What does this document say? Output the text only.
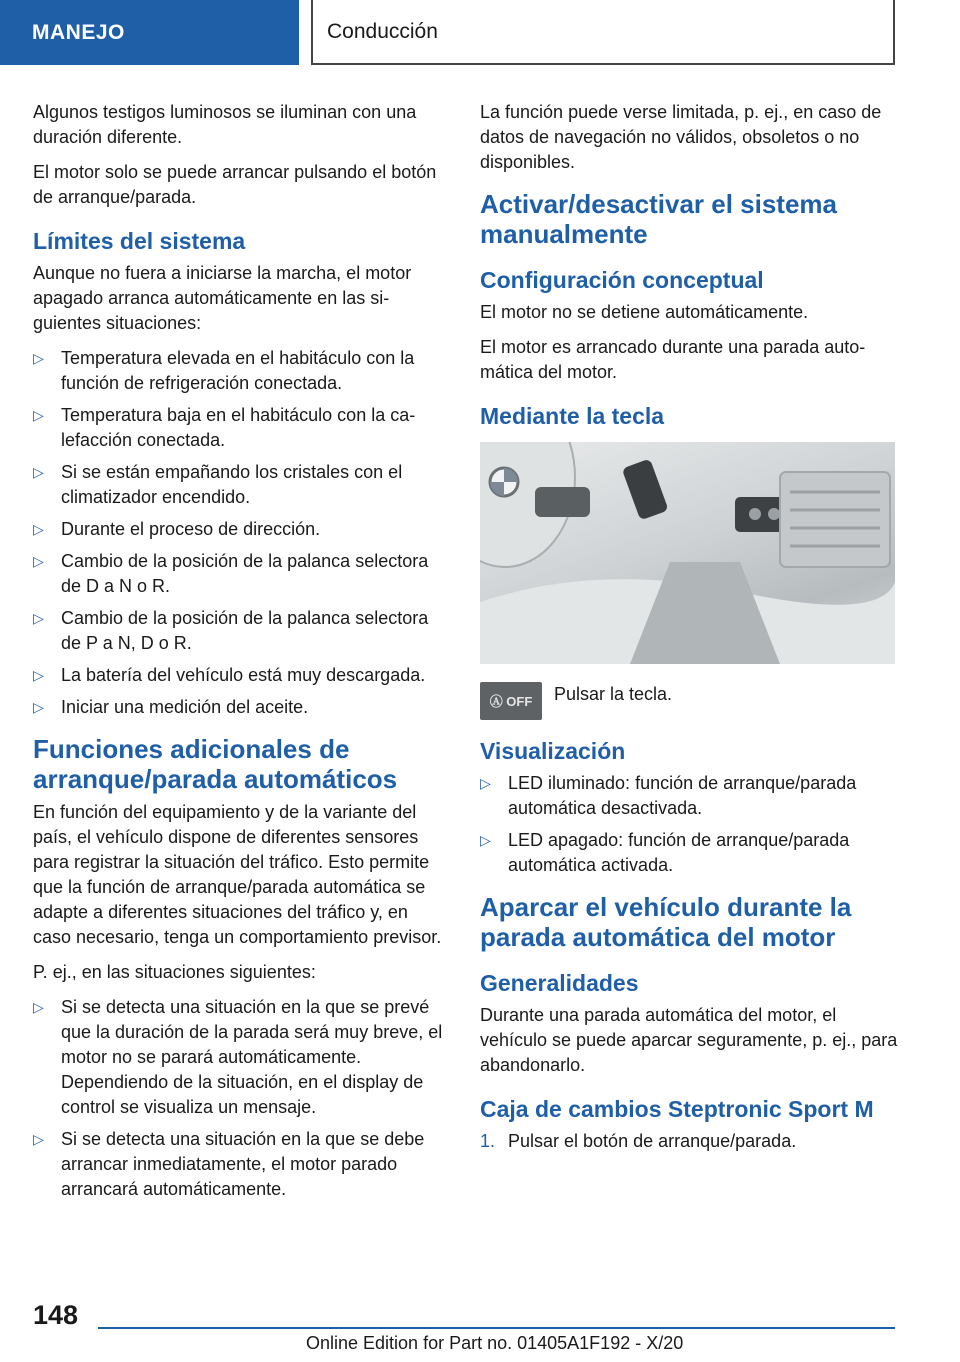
MANEJO	Conducción

Algunos testigos luminosos se iluminan con una duración diferente.

El motor solo se puede arrancar pulsando el botón de arranque/parada.

Límites del sistema

Aunque no fuera a iniciarse la marcha, el motor apagado arranca automáticamente en las siguientes situaciones:

▷ Temperatura elevada en el habitáculo con la función de refrigeración conectada.
▷ Temperatura baja en el habitáculo con la calefacción conectada.
▷ Si se están empañando los cristales con el climatizador encendido.
▷ Durante el proceso de dirección.
▷ Cambio de la posición de la palanca selectora de D a N o R.
▷ Cambio de la posición de la palanca selectora de P a N, D o R.
▷ La batería del vehículo está muy descargada.
▷ Iniciar una medición del aceite.
Funciones adicionales de arranque/parada automáticos

En función del equipamiento y de la variante del país, el vehículo dispone de diferentes sensores para registrar la situación del tráfico. Esto permite que la función de arranque/parada automática se adapte a diferentes situaciones del tráfico y, en caso necesario, tenga un comportamiento previsor.

P. ej., en las situaciones siguientes:

▷ Si se detecta una situación en la que se prevé que la duración de la parada será muy breve, el motor no se parará automáticamente. Dependiendo de la situación, en el display de control se visualiza un mensaje.
▷ Si se detecta una situación en la que se debe arrancar inmediatamente, el motor parado arrancará automáticamente.

La función puede verse limitada, p. ej., en caso de datos de navegación no válidos, obsoletos o no disponibles.

Activar/desactivar el sistema manualmente
Configuración conceptual

El motor no se detiene automáticamente.

El motor es arrancado durante una parada automática del motor.

Mediante la tecla
Ⓐ OFF	Pulsar la tecla.
Visualización
▷ LED iluminado: función de arranque/parada automática desactivada.
▷ LED apagado: función de arranque/parada automática activada.
Aparcar el vehículo durante la parada automática del motor
Generalidades

Durante una parada automática del motor, el vehículo se puede aparcar seguramente, p. ej., para abandonarlo.

Caja de cambios Steptronic Sport M
1. Pulsar el botón de arranque/parada.
148
Online Edition for Part no. 01405A1F192 - X/20
